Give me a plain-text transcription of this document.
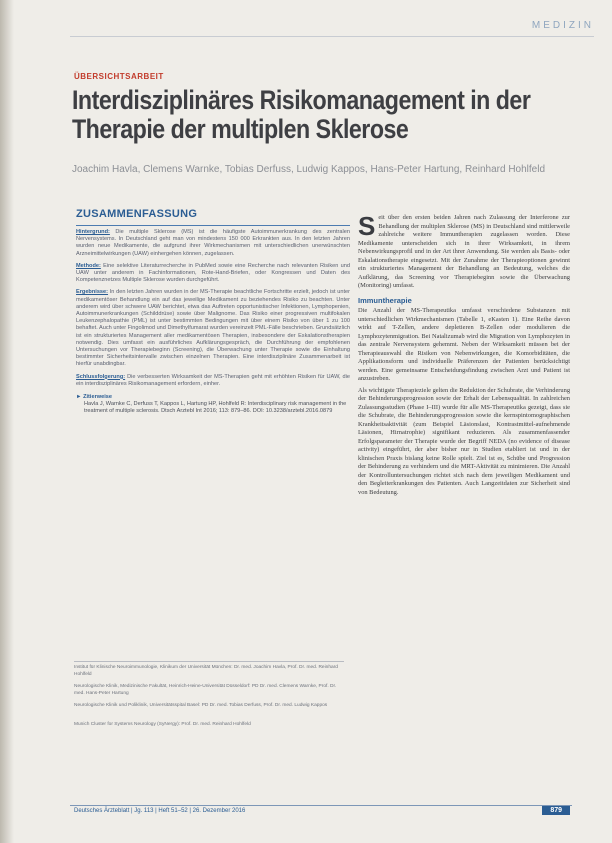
MEDIZIN
ÜBERSICHTSARBEIT
Interdisziplinäres Risikomanagement in der Therapie der multiplen Sklerose
Joachim Havla, Clemens Warnke, Tobias Derfuss, Ludwig Kappos, Hans-Peter Hartung, Reinhard Hohlfeld
ZUSAMMENFASSUNG

Hintergrund: Die multiple Sklerose (MS) ist die häufigste Autoimmunerkrankung des zentralen Nervensystems. In Deutschland geht man von mindestens 150 000 Erkrankten aus. In den letzten Jahren wurden neue Medikamente, die aufgrund ihrer Wirkmechanismen mit unterschiedlichen unerwünschten Arzneimittelwirkungen (UAW) einhergehen können, zugelassen.

Methode: Eine selektive Literaturrecherche in PubMed sowie eine Recherche nach relevanten Risiken und UAW unter anderem in Fachinformationen, Rote-Hand-Briefen, oder Kongressen und Daten des Kompetenznetzes Multiple Sklerose wurden durchgeführt.

Ergebnisse: In den letzten Jahren wurden in der MS-Therapie beachtliche Fortschritte erzielt, jedoch ist unter medikamentöser Behandlung ein auf das jeweilige Medikament zu beziehendes Risiko zu beachten. Unter anderem wird über schwere UAW berichtet, etwa das Auftreten opportunistischer Infektionen, Lymphopenien, Autoimmunerkrankungen (Schilddrüse) sowie über Malignome. Das Risiko einer progressiven multifokalen Leukenzephalopathie (PML) ist unter bestimmten Bedingungen mit über einem Risiko von über 1 zu 100 behaftet. Auch unter Fingolimod und Dimethylfumarat wurden vereinzelt PML-Fälle beschrieben. Grundsätzlich ist ein strukturiertes Management aller medikamentösen Therapien, insbesondere der Eskalationstherapien notwendig. Dies umfasst ein ausführliches Aufklärungsgespräch, die Durchführung der empfohlenen Untersuchungen vor Therapiebeginn (Screening), die Überwachung unter Therapie sowie die Einhaltung bestimmter Sicherheitsintervalle zwischen einzelnen Therapien. Eine interdisziplinäre Zusammenarbeit ist hierfür unabdingbar.

Schlussfolgerung: Die verbesserten Wirksamkeit der MS-Therapien geht mit erhöhten Risiken für UAW, die ein interdisziplinäres Risikomanagement erfordern, einher.

► Zitierweise
Havla J, Warnke C, Derfuss T, Kappos L, Hartung HP, Hohlfeld R: Interdisciplinary risk management in the treatment of multiple sclerosis. Dtsch Arztebl Int 2016; 113: 879–86. DOI: 10.3238/arztebl.2016.0879
Institut für Klinische Neuroimmunologie, Klinikum der Universität München: Dr. med. Joachim Havla, Prof. Dr. med. Reinhard Hohlfeld
Neurologische Klinik, Medizinische Fakultät, Heinrich-Heine-Universität Düsseldorf: PD Dr. med. Clemens Warnke, Prof. Dr. med. Hans-Peter Hartung
Neurologische Klinik und Poliklinik, Universitätsspital Basel: PD Dr. med. Tobias Derfuss, Prof. Dr. med. Ludwig Kappos
Munich Cluster for Systems Neurology (SyNergy): Prof. Dr. med. Reinhard Hohlfeld

Seit über den ersten beiden Jahren nach Zulassung der Interferone zur Behandlung der multiplen Sklerose (MS) in Deutschland sind mittlerweile zahlreiche weitere Immuntherapien zugelassen worden. Diese Medikamente unterscheiden sich in ihrer Wirksamkeit, in ihrem Nebenwirkungsprofil und in der Art ihrer Anwendung. Sie werden als Basis- oder Eskalationstherapie eingesetzt. Mit der Zunahme der Therapieoptionen gewinnt ein strukturiertes Management der Behandlung an Bedeutung, welches die Aufklärung, das Screening vor Therapiebeginn sowie die Überwachung (Monitoring) umfasst.

Immuntherapie

Die Anzahl der MS-Therapeutika umfasst verschiedene Substanzen mit unterschiedlichen Wirkmechanismen (Tabelle 1, eKasten 1). Eine Reihe davon wirkt auf T-Zellen, andere depletieren B-Zellen oder modulieren die Lymphozytenmigration. Bei Natalizumab wird die Migration von Lymphozyten in das zentrale Nervensystem gehemmt. Neben der Wirksamkeit müssen bei der Therapieauswahl die Risiken von Nebenwirkungen, die Komorbiditäten, die Applikationsform und individuelle Präferenzen der Patienten berücksichtigt werden. Eine gemeinsame Entscheidungsfindung zwischen Arzt und Patient ist anzustreben.

Als wichtigste Therapieziele gelten die Reduktion der Schubrate, die Verhinderung der Behinderungsprogression sowie der Erhalt der Lebensqualität. In zahlreichen Zulassungsstudien (Phase I–III) wurde für alle MS-Therapeutika gezeigt, dass sie die Schubrate, die Behinderungsprogression sowie die kernspintomographischen Krankheitsaktivität (zum Beispiel Läsionslast, Kontrastmittel-aufnehmende Läsionen, Hirnatrophie) signifikant reduzieren. Als zusammenfassender Erfolgsparameter der Therapie wurde der Begriff NEDA (no evidence of disease activity) eingeführt, der aber bisher nur in Studien etabliert ist und in der klinischen Praxis bislang keine Rolle spielt. Ziel ist es, Schübe und Progression der Behinderung zu verhindern und die MRT-Aktivität zu minimieren. Die Anzahl der Kontrolluntersuchungen richtet sich nach dem jeweiligen Medikament und den Begleiterkrankungen des Patienten. Auch Langzeitdaten zur Sicherheit sind von Bedeutung.

Deutsches Ärzteblatt | Jg. 113 | Heft 51–52 | 26. Dezember 2016	879
